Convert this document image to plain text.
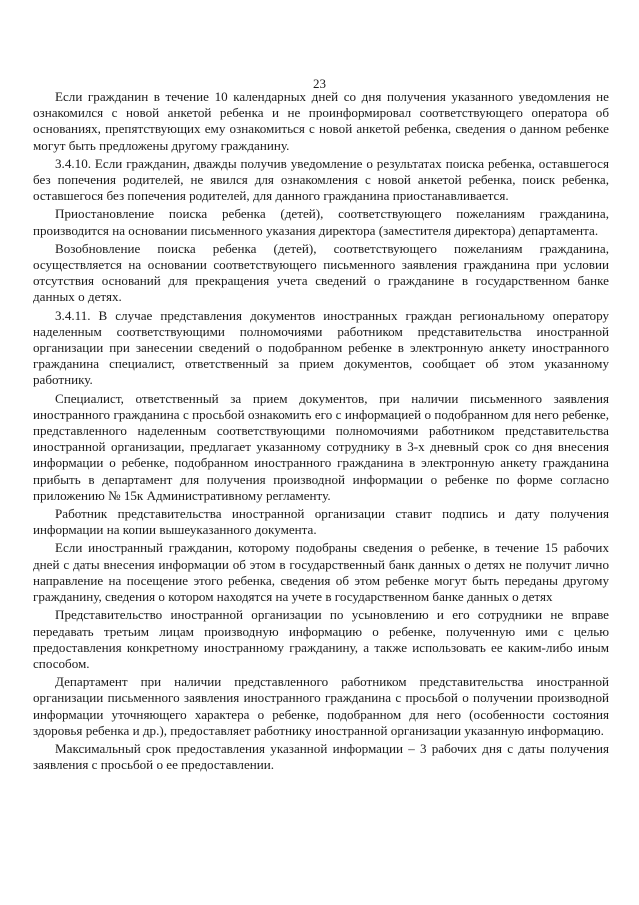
23

Если гражданин в течение 10 календарных дней со дня получения указанного уведомления не ознакомился с новой анкетой ребенка и не проинформировал соответствующего оператора об основаниях, препятствующих ему ознакомиться с новой анкетой ребенка, сведения о данном ребенке могут быть предложены другому гражданину.

3.4.10. Если гражданин, дважды получив уведомление о результатах поиска ребенка, оставшегося без попечения родителей, не явился для ознакомления с новой анкетой ребенка, поиск ребенка, оставшегося без попечения родителей, для данного гражданина приостанавливается.

Приостановление поиска ребенка (детей), соответствующего пожеланиям гражданина, производится на основании письменного указания директора (заместителя директора) департамента.

Возобновление поиска ребенка (детей), соответствующего пожеланиям гражданина, осуществляется на основании соответствующего письменного заявления гражданина при условии отсутствия оснований для прекращения учета сведений о гражданине в государственном банке данных о детях.

3.4.11. В случае представления документов иностранных граждан региональному оператору наделенным соответствующими полномочиями работником представительства иностранной организации при занесении сведений о подобранном ребенке в электронную анкету иностранного гражданина специалист, ответственный за прием документов, сообщает об этом указанному работнику.

Специалист, ответственный за прием документов, при наличии письменного заявления иностранного гражданина с просьбой ознакомить его с информацией о подобранном для него ребенке, представленного наделенным соответствующими полномочиями работником представительства иностранной организации, предлагает указанному сотруднику в 3-х дневный срок со дня внесения информации о ребенке, подобранном иностранного гражданина в электронную анкету гражданина прибыть в департамент для получения производной информации о ребенке по форме согласно приложению № 15к Административному регламенту.

Работник представительства иностранной организации ставит подпись и дату получения информации на копии вышеуказанного документа.

Если иностранный гражданин, которому подобраны сведения о ребенке, в течение 15 рабочих дней с даты внесения информации об этом в государственный банк данных о детях не получит лично направление на посещение этого ребенка, сведения об этом ребенке могут быть переданы другому гражданину, сведения о котором находятся на учете в государственном банке данных о детях

Представительство иностранной организации по усыновлению и его сотрудники не вправе передавать третьим лицам производную информацию о ребенке, полученную ими с целью предоставления конкретному иностранному гражданину, а также использовать ее каким-либо иным способом.

Департамент при наличии представленного работником представительства иностранной организации письменного заявления иностранного гражданина с просьбой о получении производной информации уточняющего характера о ребенке, подобранном для него (особенности состояния здоровья ребенка и др.), предоставляет работнику иностранной организации указанную информацию.

Максимальный срок предоставления указанной информации – 3 рабочих дня с даты получения заявления с просьбой о ее предоставлении.
